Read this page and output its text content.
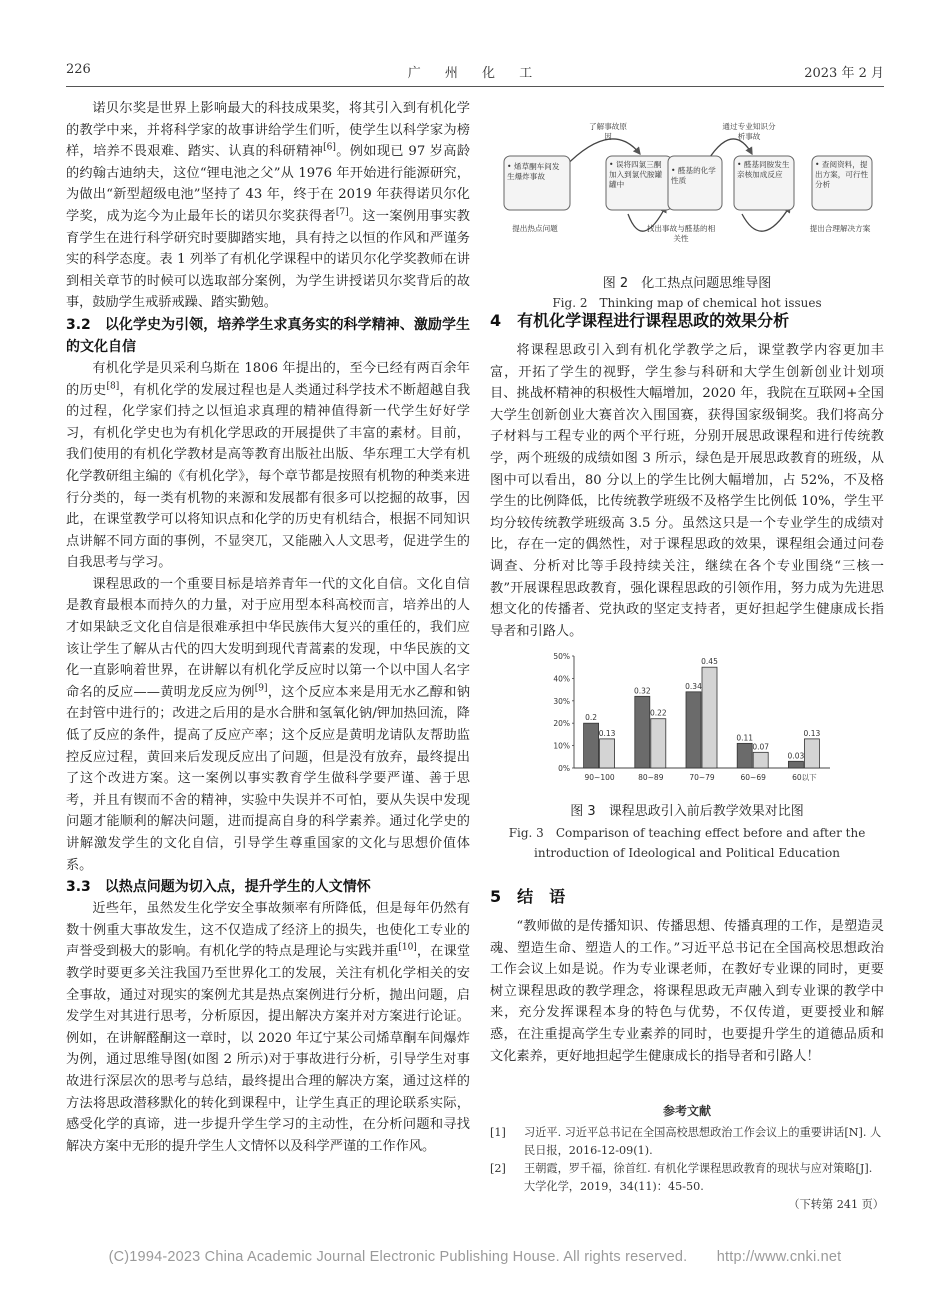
226	广 州 化 工	2023 年 2 月

诺贝尔奖是世界上影响最大的科技成果奖，将其引入到有机化学的教学中来，并将科学家的故事讲给学生们听，使学生以科学家为榜样，培养不畏艰难、踏实、认真的科研精神[6]。例如现已 97 岁高龄的约翰古迪纳夫，这位“锂电池之父”从 1976 年开始进行能源研究，为做出“新型超级电池”坚持了 43 年，终于在 2019 年获得诺贝尔化学奖，成为迄今为止最年长的诺贝尔奖获得者[7]。这一案例用事实教育学生在进行科学研究时要脚踏实地，具有持之以恒的作风和严谨务实的科学态度。表 1 列举了有机化学课程中的诺贝尔化学奖教师在讲到相关章节的时候可以选取部分案例，为学生讲授诺贝尔奖背后的故事，鼓励学生戒骄戒躁、踏实勤勉。

3.2　以化学史为引领，培养学生求真务实的科学精神、激励学生的文化自信

有机化学是贝采利乌斯在 1806 年提出的，至今已经有两百余年的历史[8]，有机化学的发展过程也是人类通过科学技术不断超越自我的过程，化学家们持之以恒追求真理的精神值得新一代学生好好学习，有机化学史也为有机化学思政的开展提供了丰富的素材。目前，我们使用的有机化学教材是高等教育出版社出版、华东理工大学有机化学教研组主编的《有机化学》，每个章节都是按照有机物的种类来进行分类的，每一类有机物的来源和发展都有很多可以挖掘的故事，因此，在课堂教学可以将知识点和化学的历史有机结合，根据不同知识点讲解不同方面的事例，不显突兀，又能融入人文思考，促进学生的自我思考与学习。

课程思政的一个重要目标是培养青年一代的文化自信。文化自信是教育最根本而持久的力量，对于应用型本科高校而言，培养出的人才如果缺乏文化自信是很难承担中华民族伟大复兴的重任的，我们应该让学生了解从古代的四大发明到现代青蒿素的发现，中华民族的文化一直影响着世界，在讲解以有机化学反应时以第一个以中国人名字命名的反应——黄明龙反应为例[9]，这个反应本来是用无水乙醇和钠在封管中进行的；改进之后用的是水合肼和氢氧化钠/钾加热回流，降低了反应的条件，提高了反应产率；这个反应是黄明龙请队友帮助监控反应过程，黄回来后发现反应出了问题，但是没有放弃，最终提出了这个改进方案。这一案例以事实教育学生做科学要严谨、善于思考，并且有锲而不舍的精神，实验中失误并不可怕，要从失误中发现问题才能顺利的解决问题，进而提高自身的科学素养。通过化学史的讲解激发学生的文化自信，引导学生尊重国家的文化与思想价值体系。

3.3　以热点问题为切入点，提升学生的人文情怀

近些年，虽然发生化学安全事故频率有所降低，但是每年仍然有数十例重大事故发生，这不仅造成了经济上的损失，也使化工专业的声誉受到极大的影响。有机化学的特点是理论与实践并重[10]，在课堂教学时要更多关注我国乃至世界化工的发展，关注有机化学相关的安全事故，通过对现实的案例尤其是热点案例进行分析，抛出问题，启发学生对其进行思考，分析原因，提出解决方案并对方案进行论证。例如，在讲解醛酮这一章时，以 2020 年辽宁某公司烯草酮车间爆炸为例，通过思维导图(如图 2 所示)对于事故进行分析，引导学生对事故进行深层次的思考与总结，最终提出合理的解决方案，通过这样的方法将思政潜移默化的转化到课程中，让学生真正的理论联系实际，感受化学的真谛，进一步提升学生学习的主动性，在分析问题和寻找解决方案中无形的提升学生人文情怀以及科学严谨的工作作风。

• 烯草酮车间发生爆炸事故
• 误将四氯三酮加入到氯代胺罐罐中
• 醛基的化学性质
• 醛基同胺发生亲核加成反应
• 查阅资料，提出方案，可行性分析
了解事故原因
通过专业知识分析事故
提出热点问题	找出事故与醛基的相关性
提出合理解决方案
图 2　化工热点问题思维导图
Fig. 2　Thinking map of chemical hot issues
4　有机化学课程进行课程思政的效果分析

将课程思政引入到有机化学教学之后，课堂教学内容更加丰富，开拓了学生的视野，学生参与科研和大学生创新创业计划项目、挑战杯精神的积极性大幅增加，2020 年，我院在互联网+全国大学生创新创业大赛首次入围国赛，获得国家级铜奖。我们将高分子材料与工程专业的两个平行班，分别开展思政课程和进行传统教学，两个班级的成绩如图 3 所示，绿色是开展思政教育的班级，从图中可以看出，80 分以上的学生比例大幅增加，占 52%，不及格学生的比例降低，比传统教学班级不及格学生比例低 10%，学生平均分较传统教学班级高 3.5 分。虽然这只是一个专业学生的成绩对比，存在一定的偶然性，对于课程思政的效果，课程组会通过问卷调查、分析对比等手段持续关注，继续在各个专业围绕“三核一教”开展课程思政教育，强化课程思政的引领作用，努力成为先进思想文化的传播者、党执政的坚定支持者，更好担起学生健康成长指导者和引路人。

0%
10%
20%
30%
40%
50%
0.2
0.13
90~100
0.32
0.22
80~89
0.34
0.45
70~79
0.11
0.07
60~69
0.03
0.13
60以下
图 3　课程思政引入前后教学效果对比图
Fig. 3　Comparison of teaching effect before and after the
introduction of Ideological and Political Education
5　结　语

“教师做的是传播知识、传播思想、传播真理的工作，是塑造灵魂、塑造生命、塑造人的工作。”习近平总书记在全国高校思想政治工作会议上如是说。作为专业课老师，在教好专业课的同时，更要树立课程思政的教学理念，将课程思政无声融入到专业课的教学中来，充分发挥课程本身的特色与优势，不仅传道，更要授业和解惑，在注重提高学生专业素养的同时，也要提升学生的道德品质和文化素养，更好地担起学生健康成长的指导者和引路人！

参考文献
[1]	习近平. 习近平总书记在全国高校思想政治工作会议上的重要讲话[N]. 人民日报，2016-12-09(1).
[2]	王朝霞，罗千福，徐首红. 有机化学课程思政教育的现状与应对策略[J]. 大学化学，2019，34(11)：45-50.
（下转第 241 页）
(C)1994-2023 China Academic Journal Electronic Publishing House. All rights reserved.　　http://www.cnki.net
